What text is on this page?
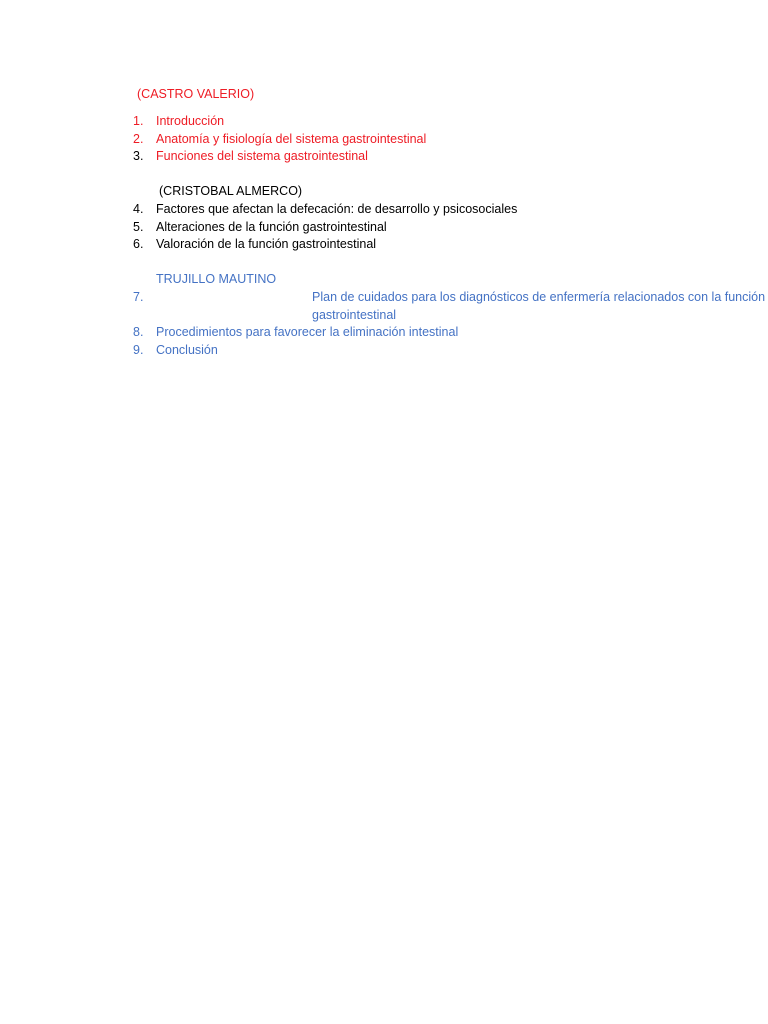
(CASTRO VALERIO)
1.	Introducción
2.	Anatomía y fisiología del sistema gastrointestinal
3.	Funciones del sistema gastrointestinal
(CRISTOBAL ALMERCO)
4.	Factores que afectan la defecación: de desarrollo y psicosociales
5.	Alteraciones de la función gastrointestinal
6.	Valoración de la función gastrointestinal
TRUJILLO MAUTINO
7.	Plan de cuidados para los diagnósticos de enfermería relacionados con la función gastrointestinal
8.	Procedimientos para favorecer la eliminación intestinal
9.	Conclusión
